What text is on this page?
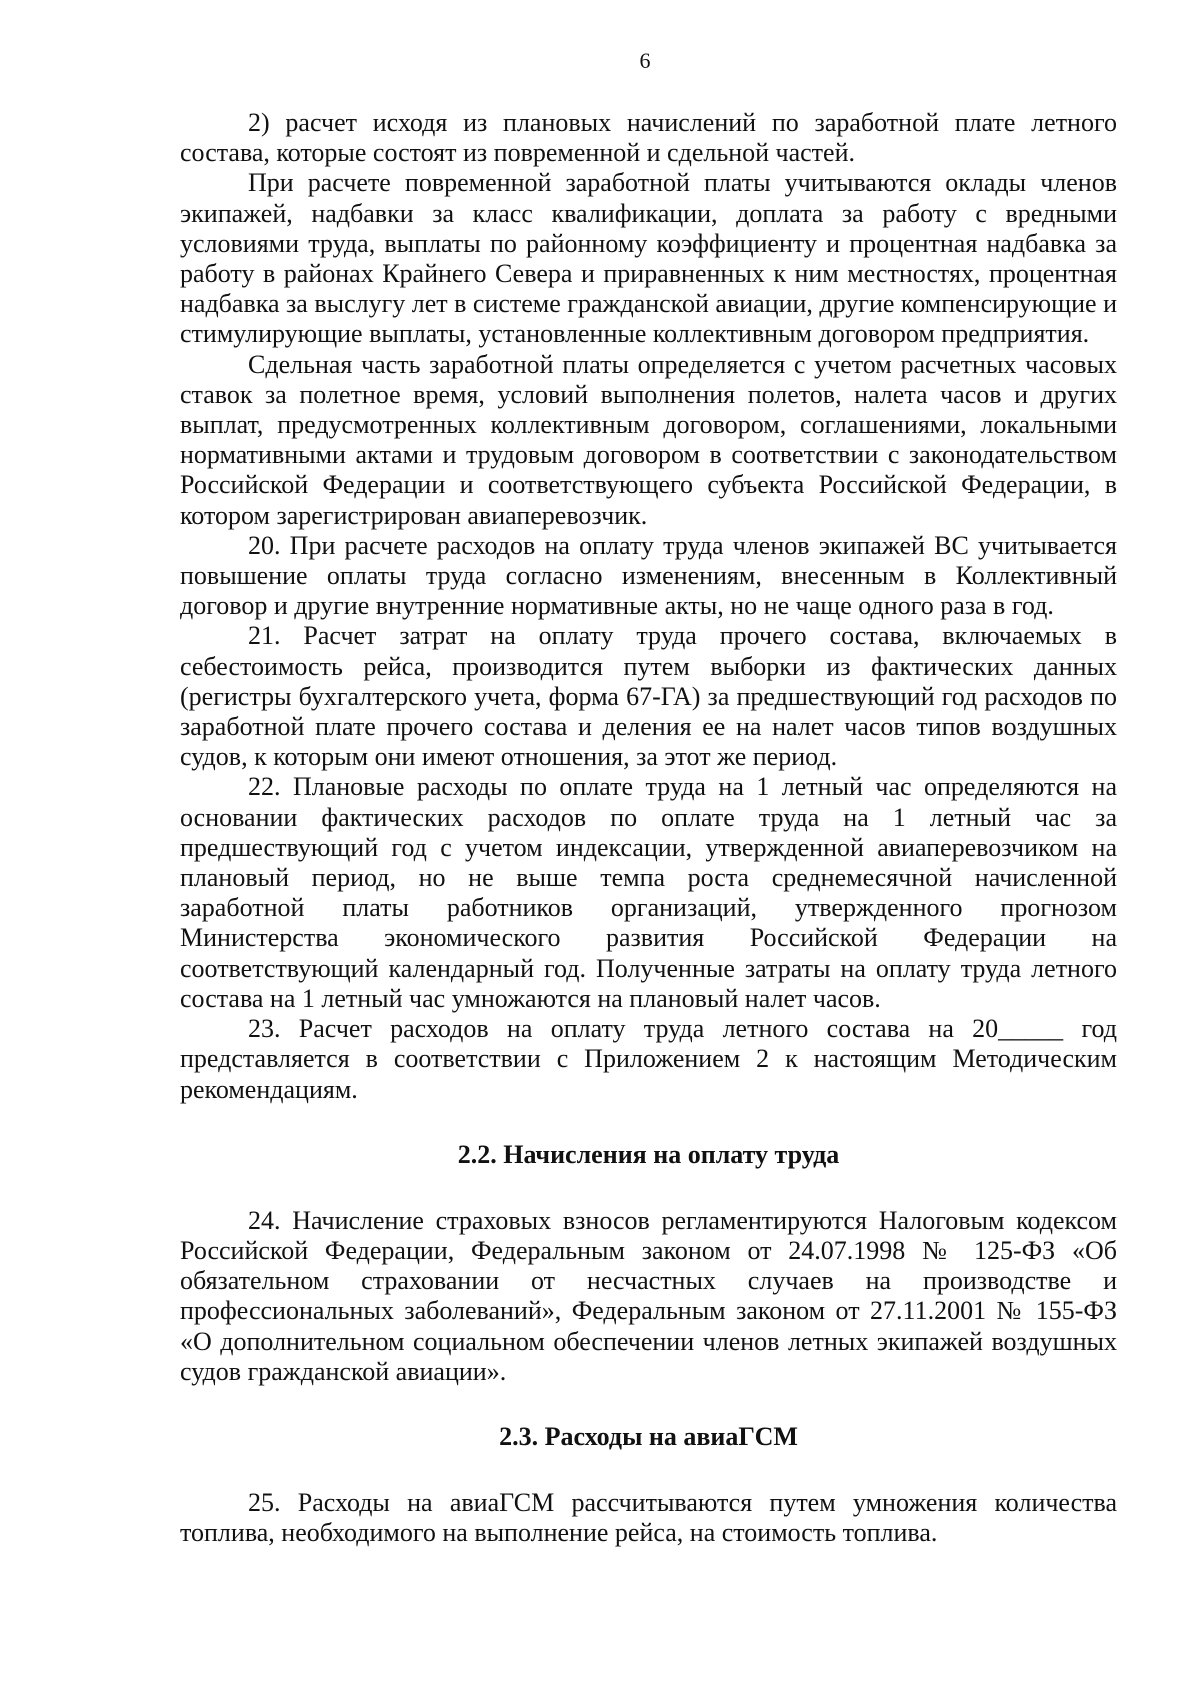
6

2) расчет исходя из плановых начислений по заработной плате летного состава, которые состоят из повременной и сдельной частей.

При расчете повременной заработной платы учитываются оклады членов экипажей, надбавки за класс квалификации, доплата за работу с вредными условиями труда, выплаты по районному коэффициенту и процентная надбавка за работу в районах Крайнего Севера и приравненных к ним местностях, процентная надбавка за выслугу лет в системе гражданской авиации, другие компенсирующие и стимулирующие выплаты, установленные коллективным договором предприятия.

Сдельная часть заработной платы определяется с учетом расчетных часовых ставок за полетное время, условий выполнения полетов, налета часов и других выплат, предусмотренных коллективным договором, соглашениями, локальными нормативными актами и трудовым договором в соответствии с законодательством Российской Федерации и соответствующего субъекта Российской Федерации, в котором зарегистрирован авиаперевозчик.

20. При расчете расходов на оплату труда членов экипажей ВС учитывается повышение оплаты труда согласно изменениям, внесенным в Коллективный договор и другие внутренние нормативные акты, но не чаще одного раза в год.

21. Расчет затрат на оплату труда прочего состава, включаемых в себестоимость рейса, производится путем выборки из фактических данных (регистры бухгалтерского учета, форма 67-ГА) за предшествующий год расходов по заработной плате прочего состава и деления ее на налет часов типов воздушных судов, к которым они имеют отношения, за этот же период.

22. Плановые расходы по оплате труда на 1 летный час определяются на основании фактических расходов по оплате труда на 1 летный час за предшествующий год с учетом индексации, утвержденной авиаперевозчиком на плановый период, но не выше темпа роста среднемесячной начисленной заработной платы работников организаций, утвержденного прогнозом Министерства экономического развития Российской Федерации на соответствующий календарный год. Полученные затраты на оплату труда летного состава на 1 летный час умножаются на плановый налет часов.

23. Расчет расходов на оплату труда летного состава на 20_____ год представляется в соответствии с Приложением 2 к настоящим Методическим рекомендациям.

2.2. Начисления на оплату труда

24. Начисление страховых взносов регламентируются Налоговым кодексом Российской Федерации, Федеральным законом от 24.07.1998 № 125-ФЗ «Об обязательном страховании от несчастных случаев на производстве и профессиональных заболеваний», Федеральным законом от 27.11.2001 № 155-ФЗ «О дополнительном социальном обеспечении членов летных экипажей воздушных судов гражданской авиации».

2.3. Расходы на авиаГСМ

25. Расходы на авиаГСМ рассчитываются путем умножения количества топлива, необходимого на выполнение рейса, на стоимость топлива.
